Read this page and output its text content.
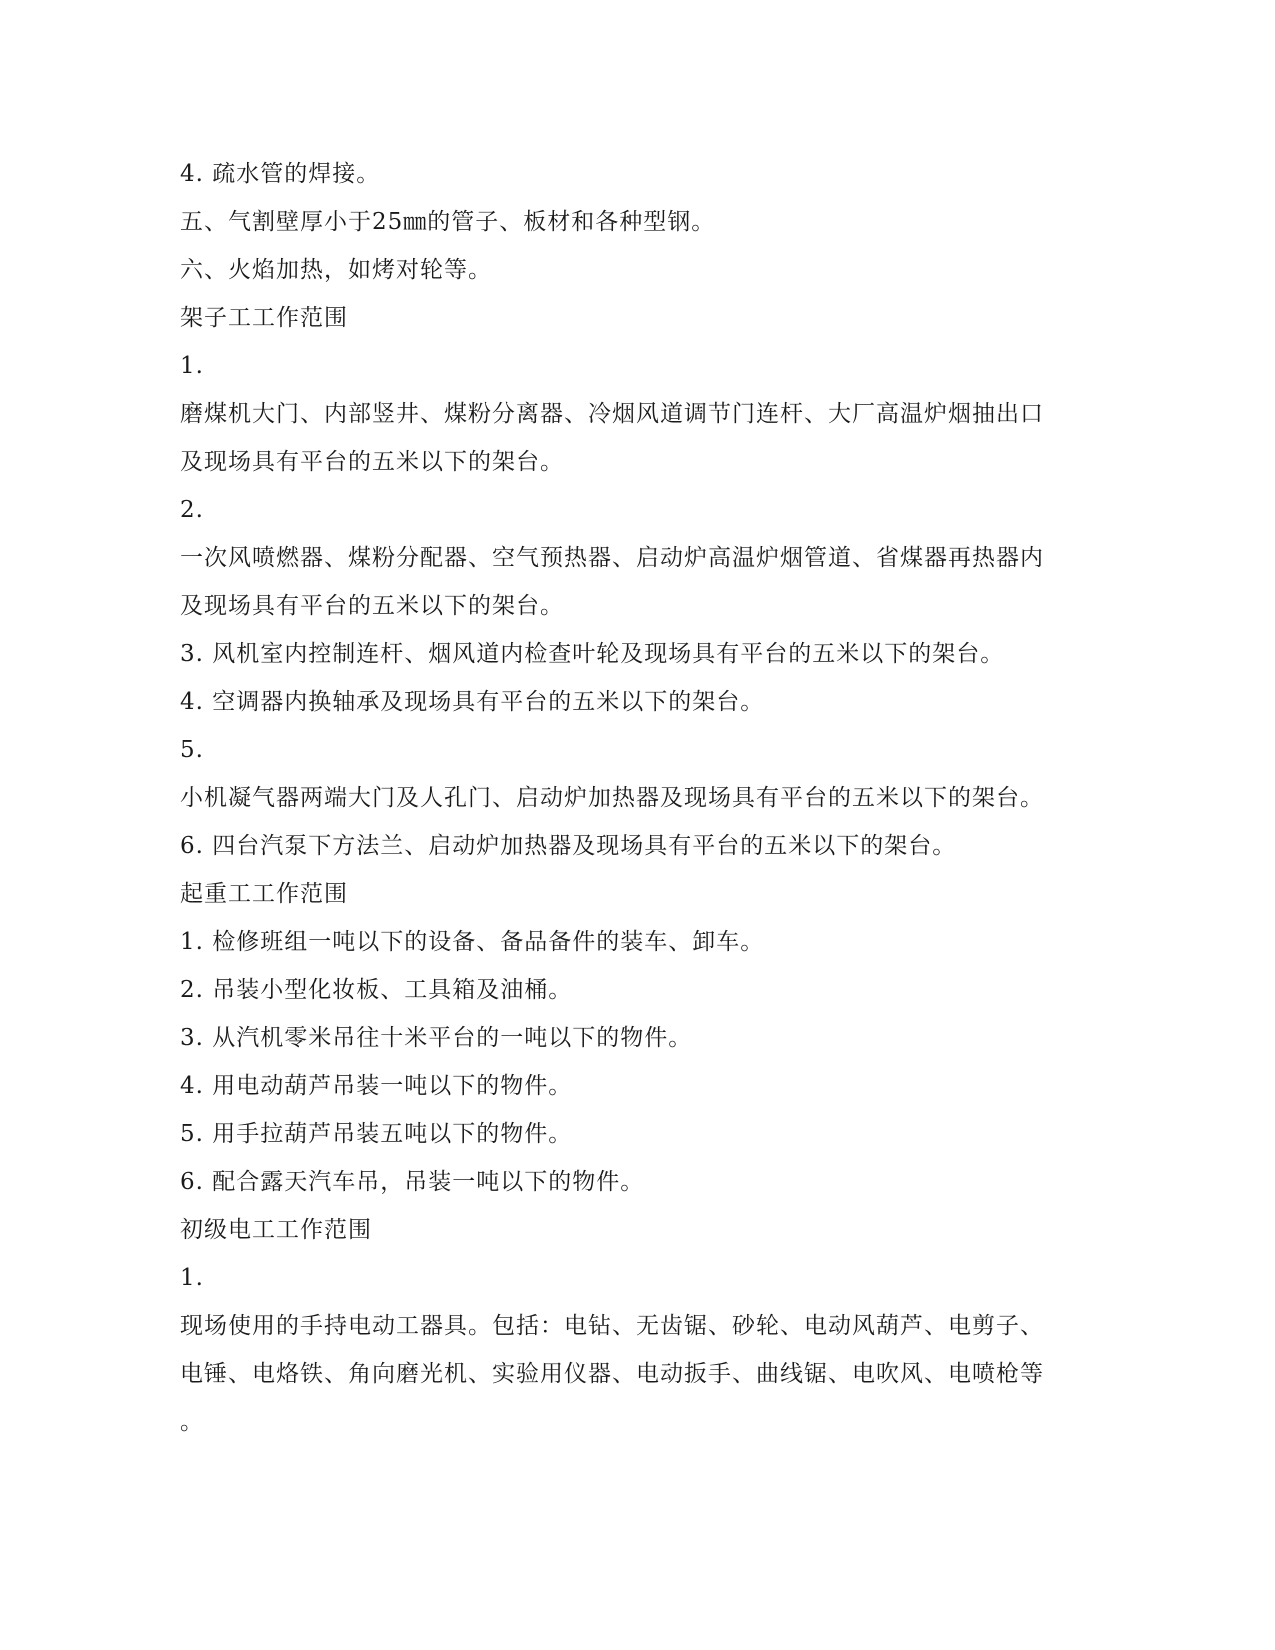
4. 疏水管的焊接。
五、气割壁厚小于25㎜的管子、板材和各种型钢。
六、火焰加热，如烤对轮等。
架子工工作范围
1.
磨煤机大门、内部竖井、煤粉分离器、冷烟风道调节门连杆、大厂高温炉烟抽出口
及现场具有平台的五米以下的架台。
2.
一次风喷燃器、煤粉分配器、空气预热器、启动炉高温炉烟管道、省煤器再热器内
及现场具有平台的五米以下的架台。
3. 风机室内控制连杆、烟风道内检查叶轮及现场具有平台的五米以下的架台。
4. 空调器内换轴承及现场具有平台的五米以下的架台。
5.
小机凝气器两端大门及人孔门、启动炉加热器及现场具有平台的五米以下的架台。
6. 四台汽泵下方法兰、启动炉加热器及现场具有平台的五米以下的架台。
起重工工作范围
1. 检修班组一吨以下的设备、备品备件的装车、卸车。
2. 吊装小型化妆板、工具箱及油桶。
3. 从汽机零米吊往十米平台的一吨以下的物件。
4. 用电动葫芦吊装一吨以下的物件。
5. 用手拉葫芦吊装五吨以下的物件。
6. 配合露天汽车吊，吊装一吨以下的物件。
初级电工工作范围
1.
现场使用的手持电动工器具。包括：电钻、无齿锯、砂轮、电动风葫芦、电剪子、
电锤、电烙铁、角向磨光机、实验用仪器、电动扳手、曲线锯、电吹风、电喷枪等
。
